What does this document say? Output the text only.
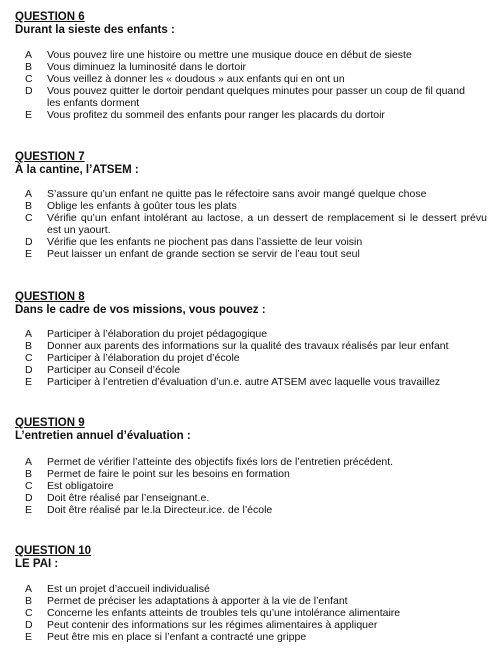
QUESTION 6
Durant la sieste des enfants :
A	Vous pouvez lire une histoire ou mettre une musique douce en début de sieste
B	Vous diminuez la luminosité dans le dortoir
C	Vous veillez à donner les « doudous » aux enfants qui en ont un
D	Vous pouvez quitter le dortoir pendant quelques minutes pour passer un coup de fil quand les enfants dorment
E	Vous profitez du sommeil des enfants pour ranger les placards du dortoir
QUESTION 7
À la cantine, l’ATSEM :
A	S’assure qu’un enfant ne quitte pas le réfectoire sans avoir mangé quelque chose
B	Oblige les enfants à goûter tous les plats
C	Vérifie qu’un enfant intolérant au lactose, a un dessert de remplacement si le dessert prévu est un yaourt.
D	Vérifie que les enfants ne piochent pas dans l’assiette de leur voisin
E	Peut laisser un enfant de grande section se servir de l’eau tout seul
QUESTION 8
Dans le cadre de vos missions, vous pouvez :
A	Participer à l’élaboration du projet pédagogique
B	Donner aux parents des informations sur la qualité des travaux réalisés par leur enfant
C	Participer à l’élaboration du projet d’école
D	Participer au Conseil d’école
E	Participer à l’entretien d’évaluation d’un.e. autre ATSEM avec laquelle vous travaillez
QUESTION 9
L’entretien annuel d’évaluation :
A	Permet de vérifier l’atteinte des objectifs fixés lors de l’entretien précédent.
B	Permet de faire le point sur les besoins en formation
C	Est obligatoire
D	Doit être réalisé par l’enseignant.e.
E	Doit être réalisé par le.la Directeur.ice. de l’école
QUESTION 10
LE PAI :
A	Est un projet d’accueil individualisé
B	Permet de préciser les adaptations à apporter à la vie de l’enfant
C	Concerne les enfants atteints de troubles tels qu’une intolérance alimentaire
D	Peut contenir des informations sur les régimes alimentaires à appliquer
E	Peut être mis en place si l’enfant a contracté une grippe
